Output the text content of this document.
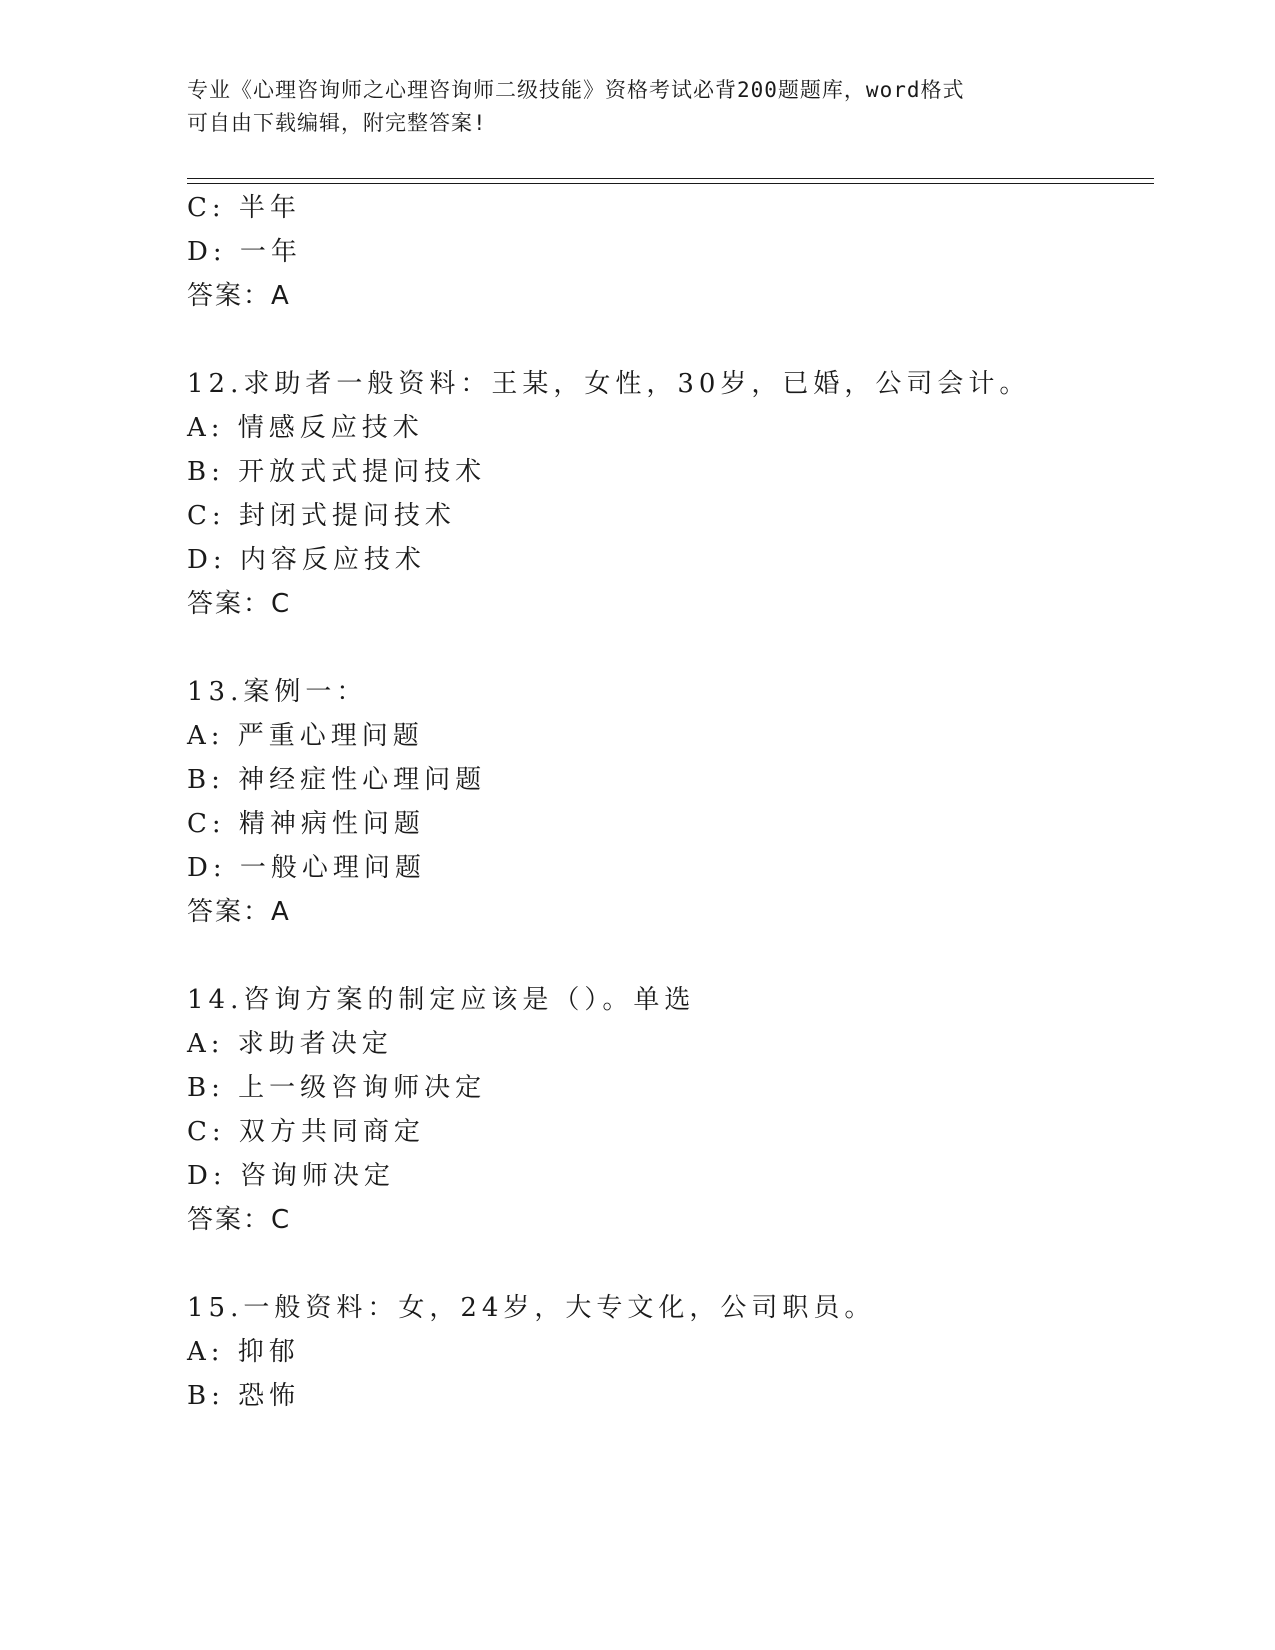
专业《心理咨询师之心理咨询师二级技能》资格考试必背200题题库，word格式
可自由下载编辑，附完整答案!
C: 半年
D: 一年
答案：A
12.求助者一般资料：王某，女性，30岁，已婚，公司会计。
A: 情感反应技术
B: 开放式式提问技术
C: 封闭式提问技术
D: 内容反应技术
答案：C
13.案例一：
A: 严重心理问题
B: 神经症性心理问题
C: 精神病性问题
D: 一般心理问题
答案：A
14.咨询方案的制定应该是（）。单选
A: 求助者决定
B: 上一级咨询师决定
C: 双方共同商定
D: 咨询师决定
答案：C
15.一般资料：女，24岁，大专文化，公司职员。
A: 抑郁
B: 恐怖
